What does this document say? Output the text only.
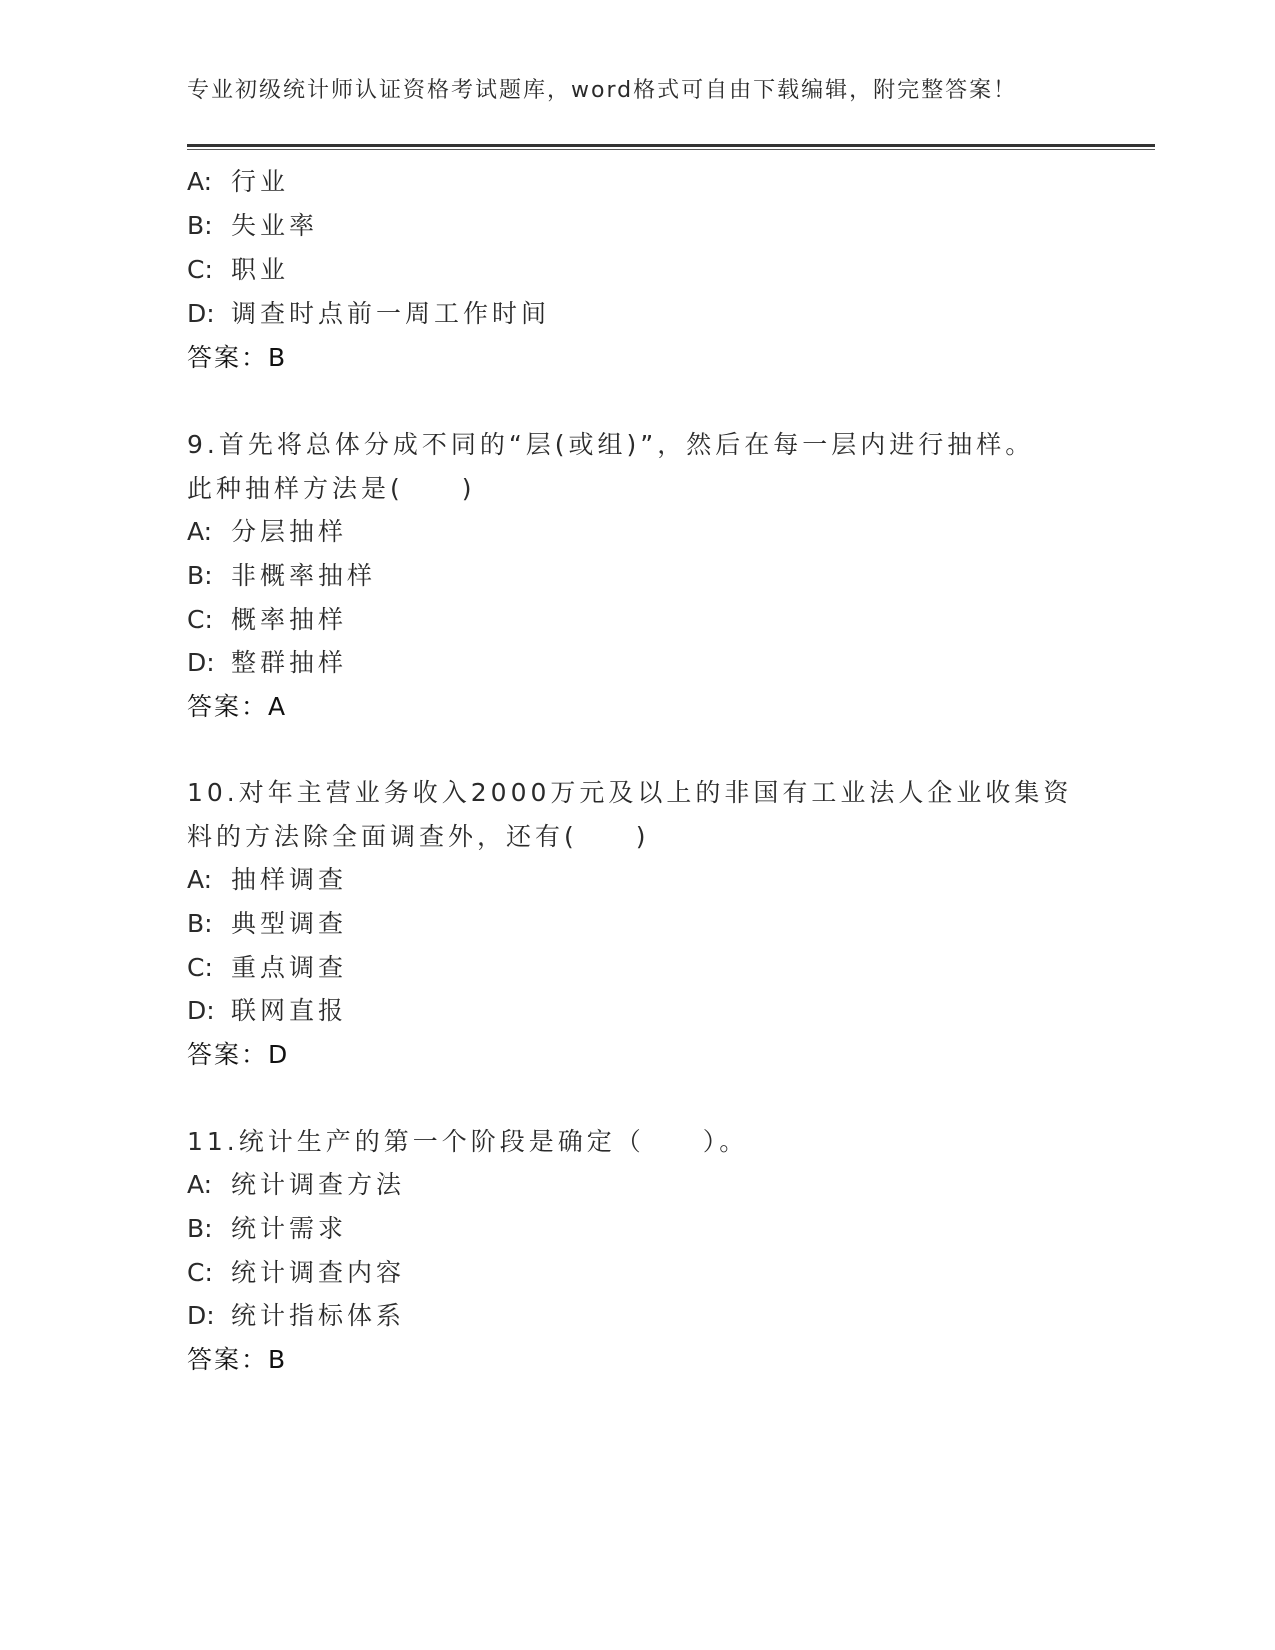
专业初级统计师认证资格考试题库，word格式可自由下载编辑，附完整答案！
A: 行业
B: 失业率
C: 职业
D: 调查时点前一周工作时间
答案：B
9.首先将总体分成不同的“层(或组)”，然后在每一层内进行抽样。
此种抽样方法是(　　)
A: 分层抽样
B: 非概率抽样
C: 概率抽样
D: 整群抽样
答案：A
10.对年主营业务收入2000万元及以上的非国有工业法人企业收集资
料的方法除全面调查外，还有(　　)
A: 抽样调查
B: 典型调查
C: 重点调查
D: 联网直报
答案：D
11.统计生产的第一个阶段是确定（　　）。
A: 统计调查方法
B: 统计需求
C: 统计调查内容
D: 统计指标体系
答案：B
